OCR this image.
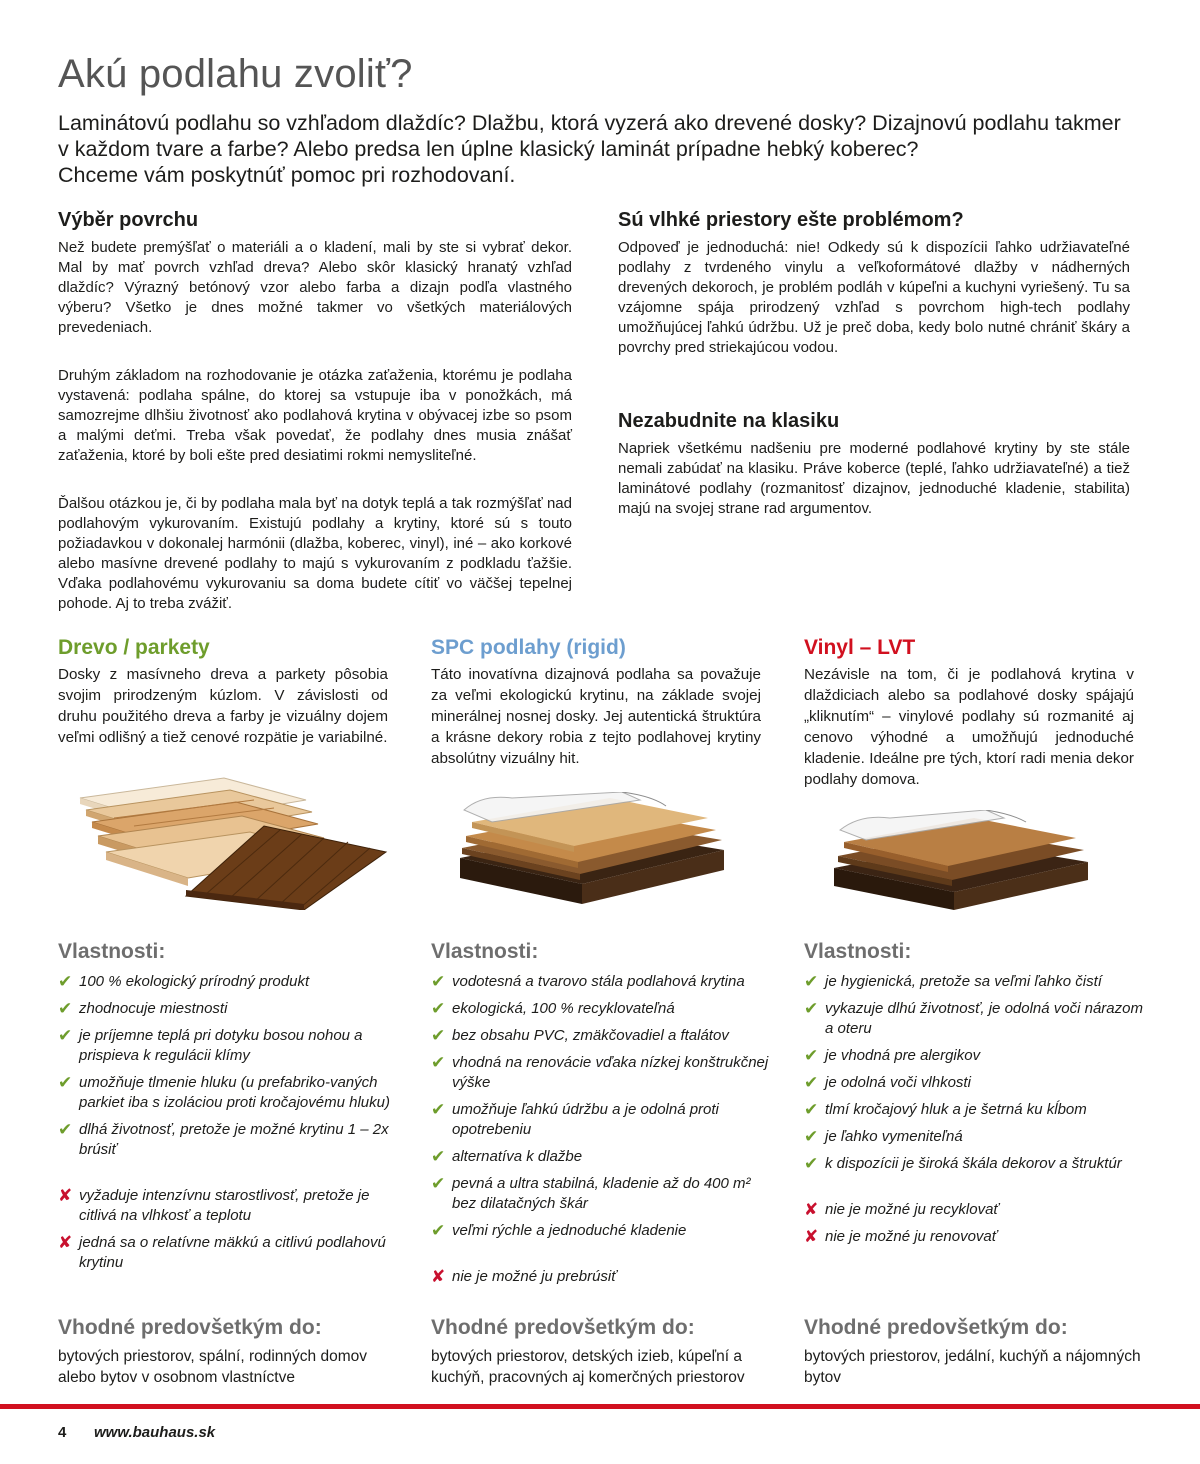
Akú podlahu zvoliť?
Laminátovú podlahu so vzhľadom dlaždíc? Dlažbu, ktorá vyzerá ako drevené dosky? Dizajnovú podlahu takmer
v každom tvare a farbe? Alebo predsa len úplne klasický laminát prípadne hebký koberec?
Chceme vám poskytnúť pomoc pri rozhodovaní.
Výběr povrchu

Než budete premýšľať o materiáli a o kladení, mali by ste si vybrať dekor. Mal by mať povrch vzhľad dreva? Alebo skôr klasický hranatý vzhľad dlaždíc? Výrazný betónový vzor alebo farba a dizajn podľa vlastného výberu? Všetko je dnes možné takmer vo všetkých materiálových prevedeniach.

Druhým základom na rozhodovanie je otázka zaťaženia, ktorému je podlaha vystavená: podlaha spálne, do ktorej sa vstupuje iba v ponožkách, má samozrejme dlhšiu životnosť ako podlahová krytina v obývacej izbe so psom a malými deťmi. Treba však povedať, že podlahy dnes musia znášať zaťaženia, ktoré by boli ešte pred desiatimi rokmi nemysliteľné.

Ďalšou otázkou je, či by podlaha mala byť na dotyk teplá a tak rozmýšľať nad podlahovým vykurovaním. Existujú podlahy a krytiny, ktoré sú s touto požiadavkou v dokonalej harmónii (dlažba, koberec, vinyl), iné – ako korkové alebo masívne drevené podlahy to majú s vykurovaním z podkladu ťažšie. Vďaka podlahovému vykurovaniu sa doma budete cítiť vo väčšej tepelnej pohode. Aj to treba zvážiť.

Sú vlhké priestory ešte problémom?

Odpoveď je jednoduchá: nie! Odkedy sú k dispozícii ľahko udržiavateľné podlahy z tvrdeného vinylu a veľkoformátové dlažby v nádherných drevených dekoroch, je problém podláh v kúpeľni a kuchyni vyriešený. Tu sa vzájomne spája prirodzený vzhľad s povrchom high-tech podlahy umožňujúcej ľahkú údržbu. Už je preč doba, kedy bolo nutné chrániť škáry a povrchy pred striekajúcou vodou.

Nezabudnite na klasiku

Napriek všetkému nadšeniu pre moderné podlahové krytiny by ste stále nemali zabúdať na klasiku. Práve koberce (teplé, ľahko udržiavateľné) a tiež laminátové podlahy (rozmanitosť dizajnov, jednoduché kladenie, stabilita) majú na svojej strane rad argumentov.

Drevo / parkety

Dosky z masívneho dreva a parkety pôsobia svojim prirodzeným kúzlom. V závislosti od druhu použitého dreva a farby je vizuálny dojem veľmi odlišný a tiež cenové rozpätie je variabilné.

Vlastnosti:
✔ 100 % ekologický prírodný produkt
✔ zhodnocuje miestnosti
✔ je príjemne teplá pri dotyku bosou nohou a prispieva k regulácii klímy
✔ umožňuje tlmenie hluku (u prefabriko-vaných parkiet iba s izoláciou proti kročajovému hluku)
✔ dlhá životnosť, pretože je možné krytinu 1 – 2x brúsiť
✘ vyžaduje intenzívnu starostlivosť, pretože je citlivá na vlhkosť a teplotu
✘ jedná sa o relatívne mäkkú a citlivú podlahovú krytinu
Vhodné predovšetkým do:

bytových priestorov, spální, rodinných domov alebo bytov v osobnom vlastníctve

SPC podlahy (rigid)

Táto inovatívna dizajnová podlaha sa považuje za veľmi ekologickú krytinu, na základe svojej minerálnej nosnej dosky. Jej autentická štruktúra a krásne dekory robia z tejto podlahovej krytiny absolútny vizuálny hit.

Vlastnosti:
✔ vodotesná a tvarovo stála podlahová krytina
✔ ekologická, 100 % recyklovateľná
✔ bez obsahu PVC, zmäkčovadiel a ftalátov
✔ vhodná na renovácie vďaka nízkej konštrukčnej výške
✔ umožňuje ľahkú údržbu a je odolná proti opotrebeniu
✔ alternatíva k dlažbe
✔ pevná a ultra stabilná, kladenie až do 400 m² bez dilatačných škár
✔ veľmi rýchle a jednoduché kladenie
✘ nie je možné ju prebrúsiť
Vhodné predovšetkým do:

bytových priestorov, detských izieb, kúpeľní a kuchýň, pracovných aj komerčných priestorov

Vinyl – LVT

Nezávisle na tom, či je podlahová krytina v dlaždiciach alebo sa podlahové dosky spájajú „kliknutím“ – vinylové podlahy sú rozmanité aj cenovo výhodné a umožňujú jednoduché kladenie. Ideálne pre tých, ktorí radi menia dekor podlahy domova.

Vlastnosti:
✔ je hygienická, pretože sa veľmi ľahko čistí
✔ vykazuje dlhú životnosť, je odolná voči nárazom a oteru
✔ je vhodná pre alergikov
✔ je odolná voči vlhkosti
✔ tlmí kročajový hluk a je šetrná ku kĺbom
✔ je ľahko vymeniteľná
✔ k dispozícii je široká škála dekorov a štruktúr
✘ nie je možné ju recyklovať
✘ nie je možné ju renovovať
Vhodné predovšetkým do:

bytových priestorov, jedální, kuchýň a nájomných bytov

4 www.bauhaus.sk
